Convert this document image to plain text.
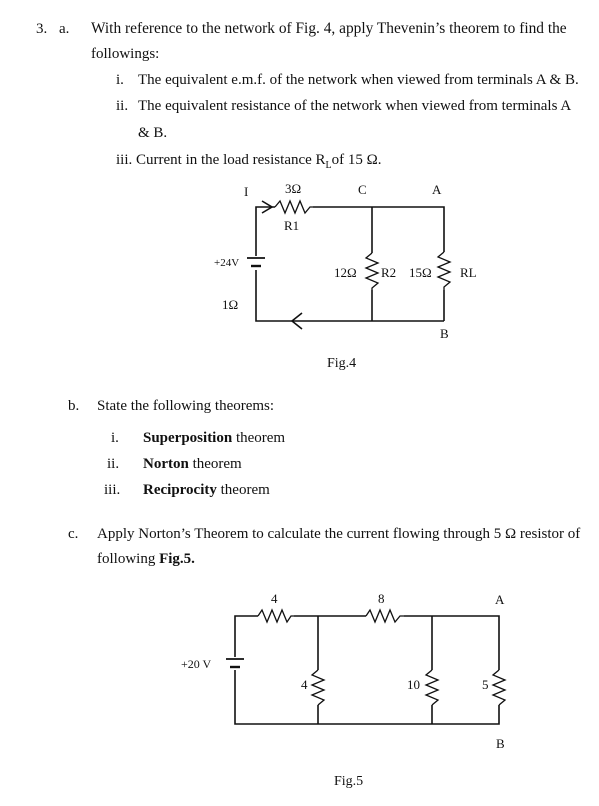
3. a. With reference to the network of Fig. 4, apply Thevenin’s theorem to find the
followings:
i. The equivalent e.m.f. of the network when viewed from terminals A & B.
ii. The equivalent resistance of the network when viewed from terminals A
& B.
iii. Current in the load resistance $R_Lof$ 15 Ω.
I	3Ω
R1
C	A
+24V
1Ω
12Ω R2 15Ω RL
B
Fig.4
4	8	A
+20 V
4	10	5
B
Fig.5
b. State the following theorems:
i. Superposition theorem
ii. Norton theorem
iii. Reciprocity theorem
c. Apply Norton’s Theorem to calculate the current flowing through 5 Ω resistor of
following Fig.5.
